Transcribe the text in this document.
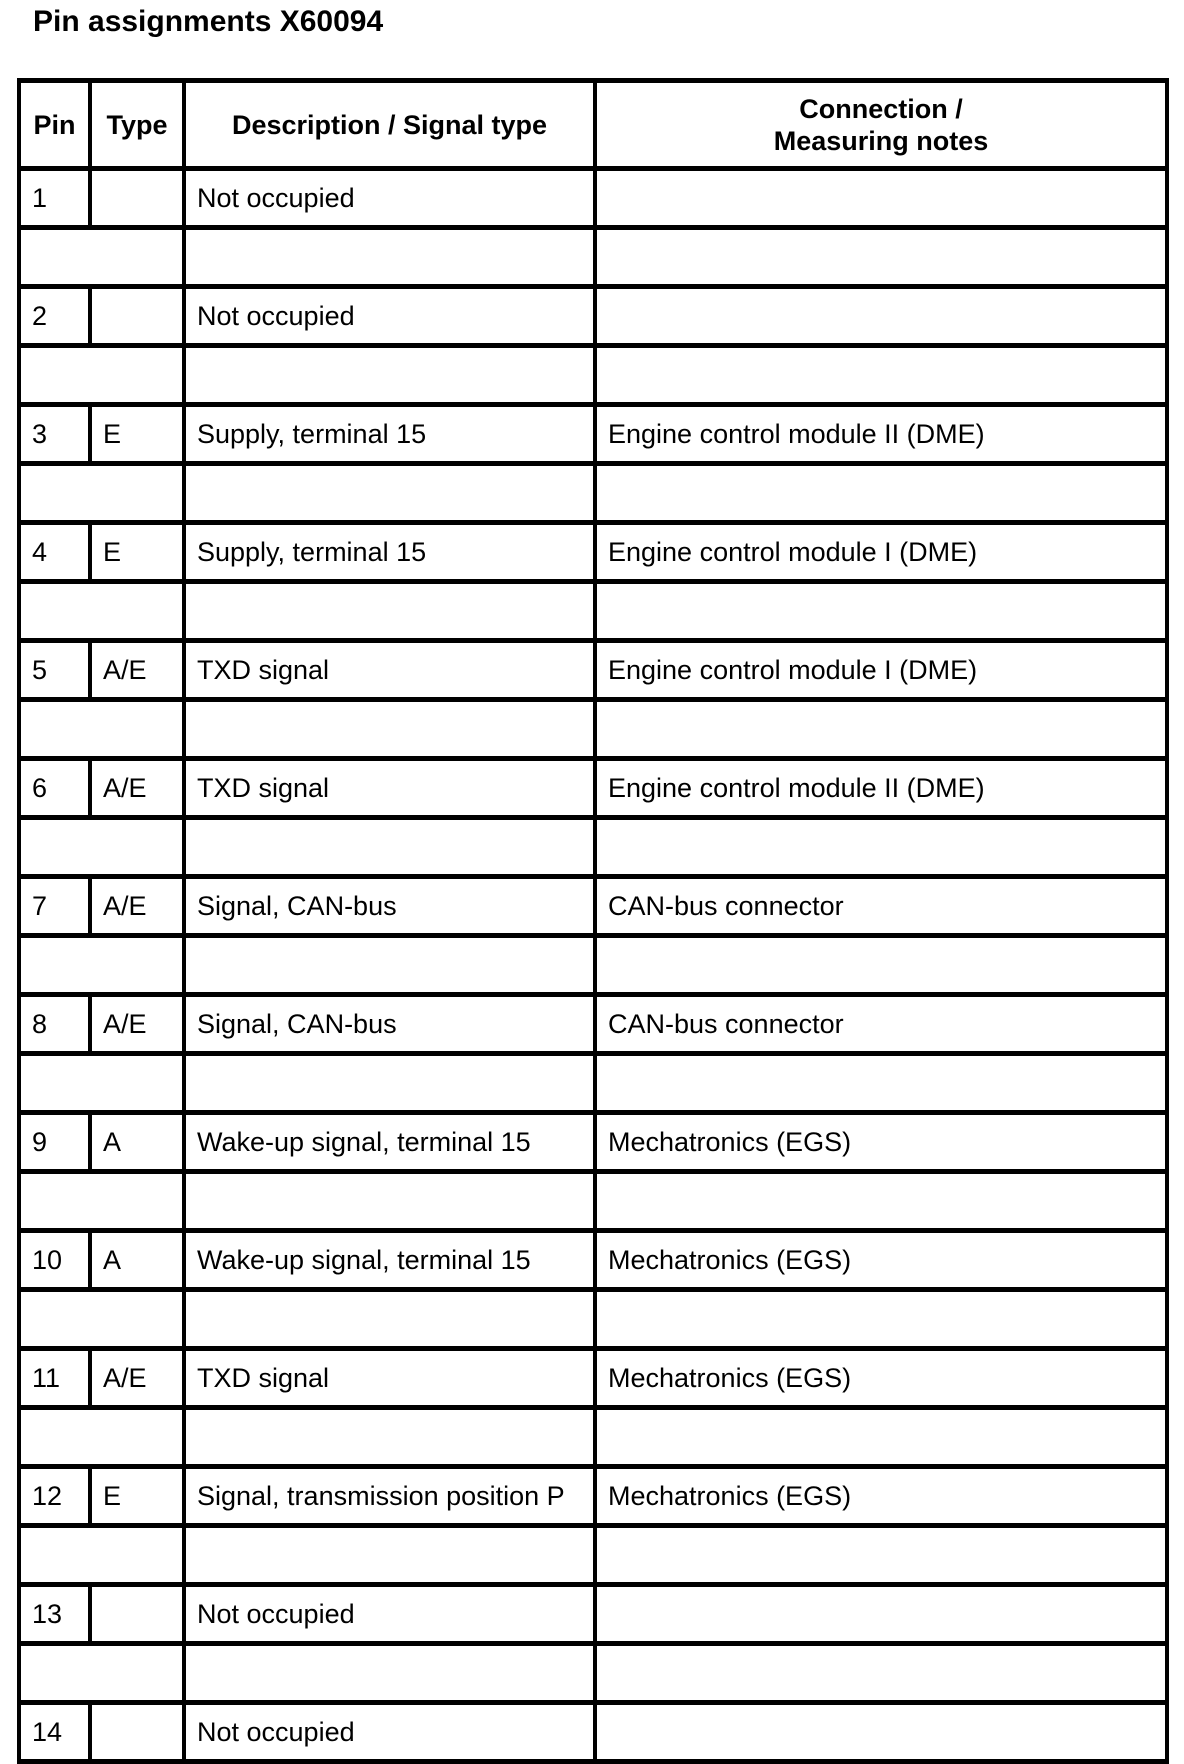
Pin assignments X60094
Pin	Type	Description / Signal type	Connection /
Measuring notes
1		Not occupied	

2		Not occupied	

3	E	Supply, terminal 15	Engine control module II (DME)

4	E	Supply, terminal 15	Engine control module I (DME)

5	A/E	TXD signal	Engine control module I (DME)

6	A/E	TXD signal	Engine control module II (DME)

7	A/E	Signal, CAN-bus	CAN-bus connector

8	A/E	Signal, CAN-bus	CAN-bus connector

9	A	Wake-up signal, terminal 15	Mechatronics (EGS)

10	A	Wake-up signal, terminal 15	Mechatronics (EGS)

11	A/E	TXD signal	Mechatronics (EGS)

12	E	Signal, transmission position P	Mechatronics (EGS)

13		Not occupied	

14		Not occupied	
